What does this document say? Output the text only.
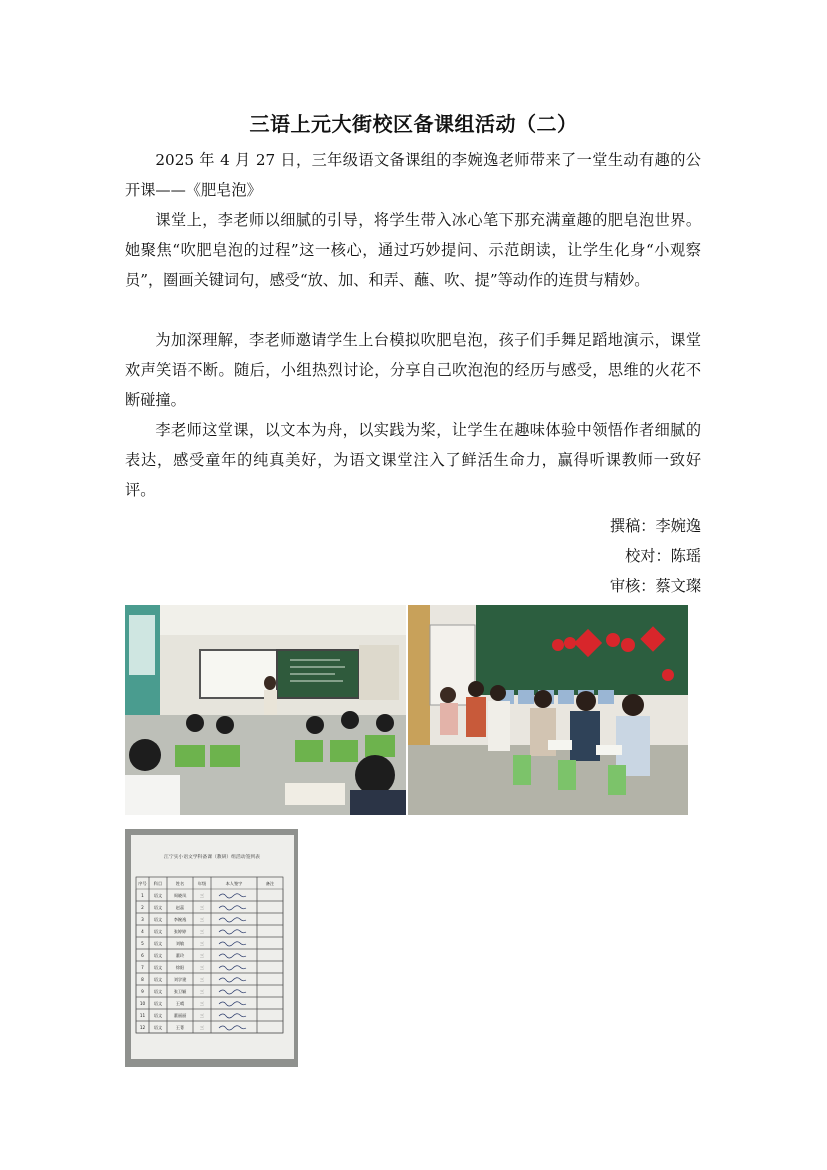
三语上元大街校区备课组活动（二）

2025 年 4 月 27 日，三年级语文备课组的李婉逸老师带来了一堂生动有趣的公开课——《肥皂泡》

课堂上，李老师以细腻的引导，将学生带入冰心笔下那充满童趣的肥皂泡世界。她聚焦“吹肥皂泡的过程”这一核心，通过巧妙提问、示范朗读，让学生化身“小观察员”，圈画关键词句，感受“放、加、和弄、蘸、吹、提”等动作的连贯与精妙。

为加深理解，李老师邀请学生上台模拟吹肥皂泡，孩子们手舞足蹈地演示，课堂欢声笑语不断。随后，小组热烈讨论，分享自己吹泡泡的经历与感受，思维的火花不断碰撞。

李老师这堂课，以文本为舟，以实践为桨，让学生在趣味体验中领悟作者细腻的表达，感受童年的纯真美好，为语文课堂注入了鲜活生命力，赢得听课教师一致好评。

撰稿：李婉逸
校对：陈瑶
审核：蔡文璨
江宁实小语文学科备课（教研）组活动签到表
序号 科目	姓名	年级	本人签字	备注
1 语文	周晓凤	三
2 语文	赵蕊	三
3 语文	李婉逸	三
4 语文	张婷婷	三
5 语文	刘敏	三
6 语文	董玲	三
7 语文	徐阳	三
8 语文	刘学建	三
9 语文	张卫颖	三
10 语文	王晴	三
11 语文	董丽丽	三
12 语文	王菁	三
